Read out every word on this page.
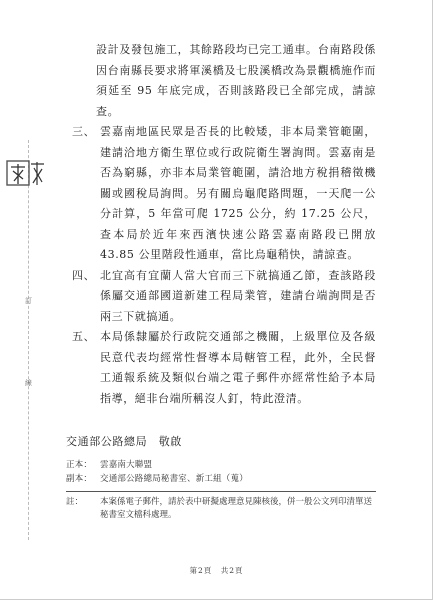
訂
線

設計及發包施工，其餘路段均已完工通車。台南路段係因台南縣長要求將軍溪橋及七股溪橋改為景觀橋施作而須延至 95 年底完成，否則該路段已全部完成，請諒查。

三、 雲嘉南地區民眾是否長的比較矮，非本局業管範圍，建請洽地方衛生單位或行政院衛生署詢問。雲嘉南是否為窮縣，亦非本局業管範圍，請洽地方稅捐稽徵機關或國稅局詢問。另有關烏龜爬路問題，一天爬一公分計算，5 年當可爬 1725 公分，約 17.25 公尺，查本局於近年來西濱快速公路雲嘉南路段已開放 43.85 公里階段性通車，當比烏龜稍快，請諒查。
四、 北宜高有宜蘭人當大官而三下就搞通乙節，查該路段係屬交通部國道新建工程局業管，建請台端詢問是否兩三下就搞通。
五、 本局係隸屬於行政院交通部之機關，上級單位及各級民意代表均經常性督導本局轄管工程，此外，全民督工通報系統及類似台端之電子郵件亦經常性給予本局指導，絕非台端所稱沒人釘，特此澄清。
交通部公路總局　敬啟
正本： 雲嘉南大聯盟
副本： 交通部公路總局秘書室、新工組（蒐）
註：	本案係電子郵件，請於表中研擬處理意見陳核後，併一般公文列印清單送秘書室文檔科處理。
第2頁　共2頁
